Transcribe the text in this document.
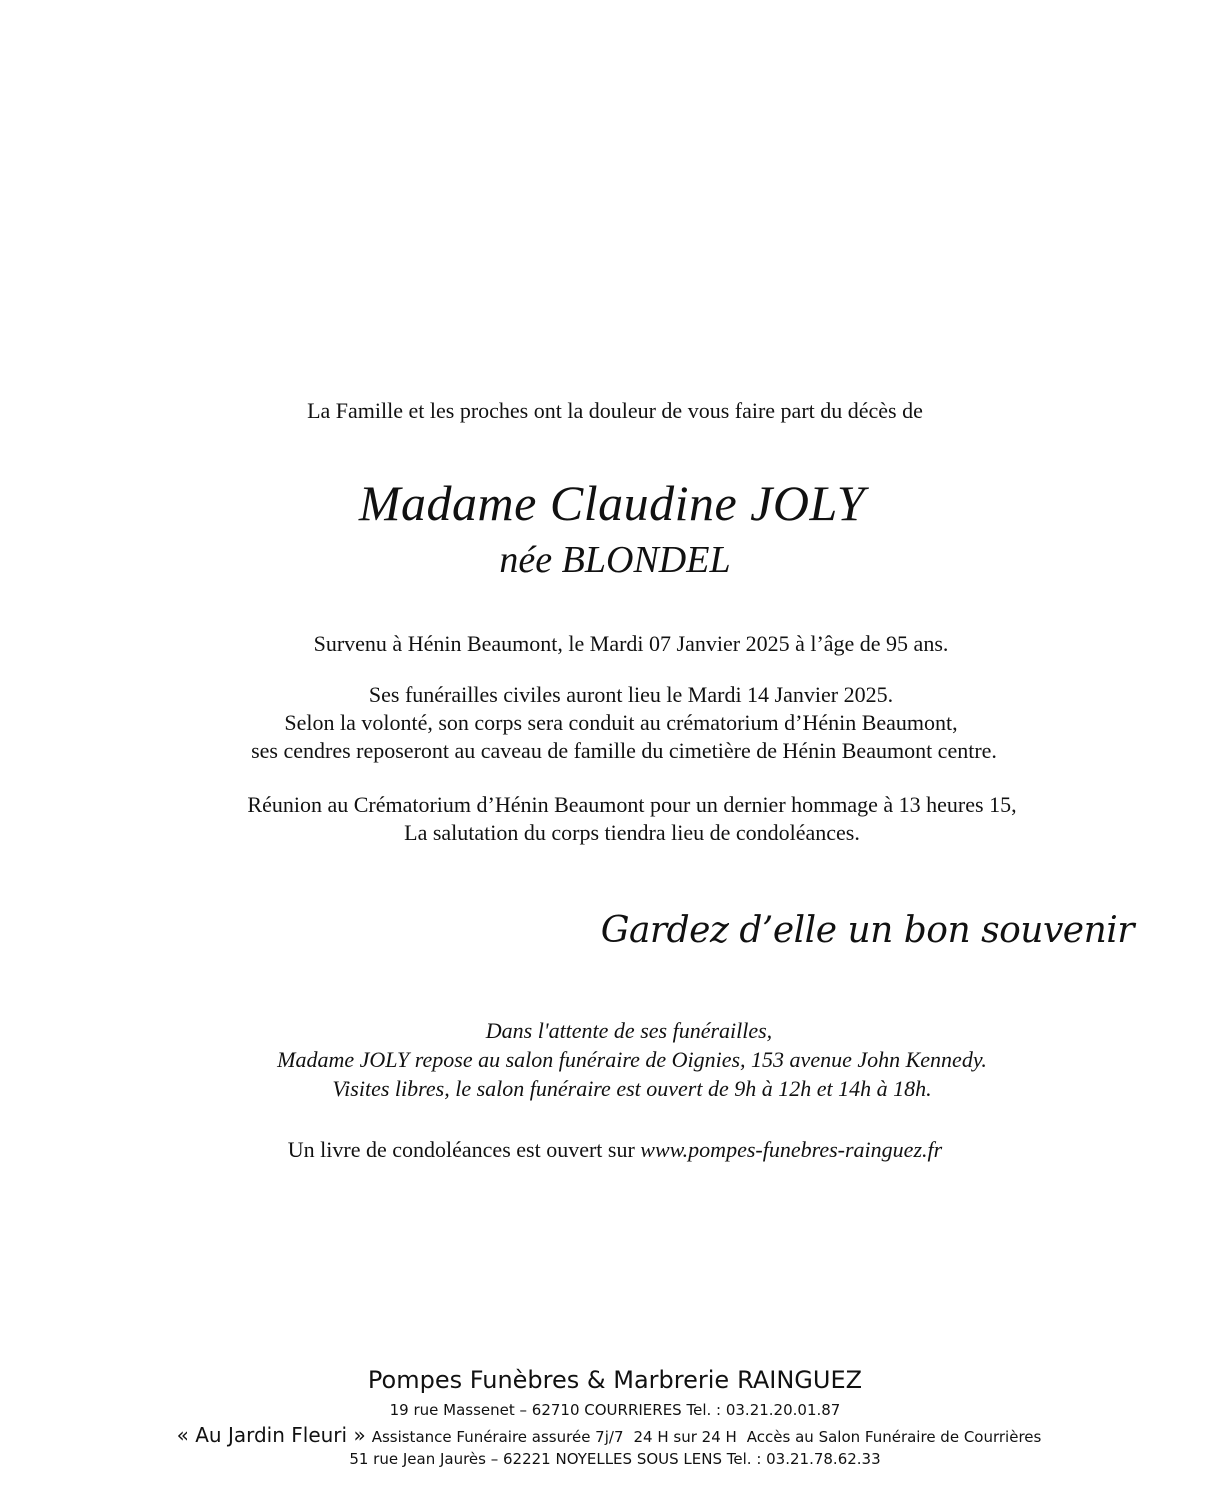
La Famille et les proches ont la douleur de vous faire part du décès de
Madame Claudine JOLY
née BLONDEL
Survenu à Hénin Beaumont, le Mardi 07 Janvier 2025 à l’âge de 95 ans.
Ses funérailles civiles auront lieu le Mardi 14 Janvier 2025.
Selon la volonté, son corps sera conduit au crématorium d’Hénin Beaumont,
ses cendres reposeront au caveau de famille du cimetière de Hénin Beaumont centre.
Réunion au Crématorium d’Hénin Beaumont pour un dernier hommage à 13 heures 15,
La salutation du corps tiendra lieu de condoléances.
Gardez d’elle un bon souvenir
Dans l'attente de ses funérailles,
Madame JOLY repose au salon funéraire de Oignies, 153 avenue John Kennedy.
Visites libres, le salon funéraire est ouvert de 9h à 12h et 14h à 18h.
Un livre de condoléances est ouvert sur www.pompes-funebres-rainguez.fr
Pompes Funèbres & Marbrerie RAINGUEZ
19 rue Massenet – 62710 COURRIERES Tel. : 03.21.20.01.87
« Au Jardin Fleuri » Assistance Funéraire assurée 7j/7 24 H sur 24 H Accès au Salon Funéraire de Courrières
51 rue Jean Jaurès – 62221 NOYELLES SOUS LENS Tel. : 03.21.78.62.33
